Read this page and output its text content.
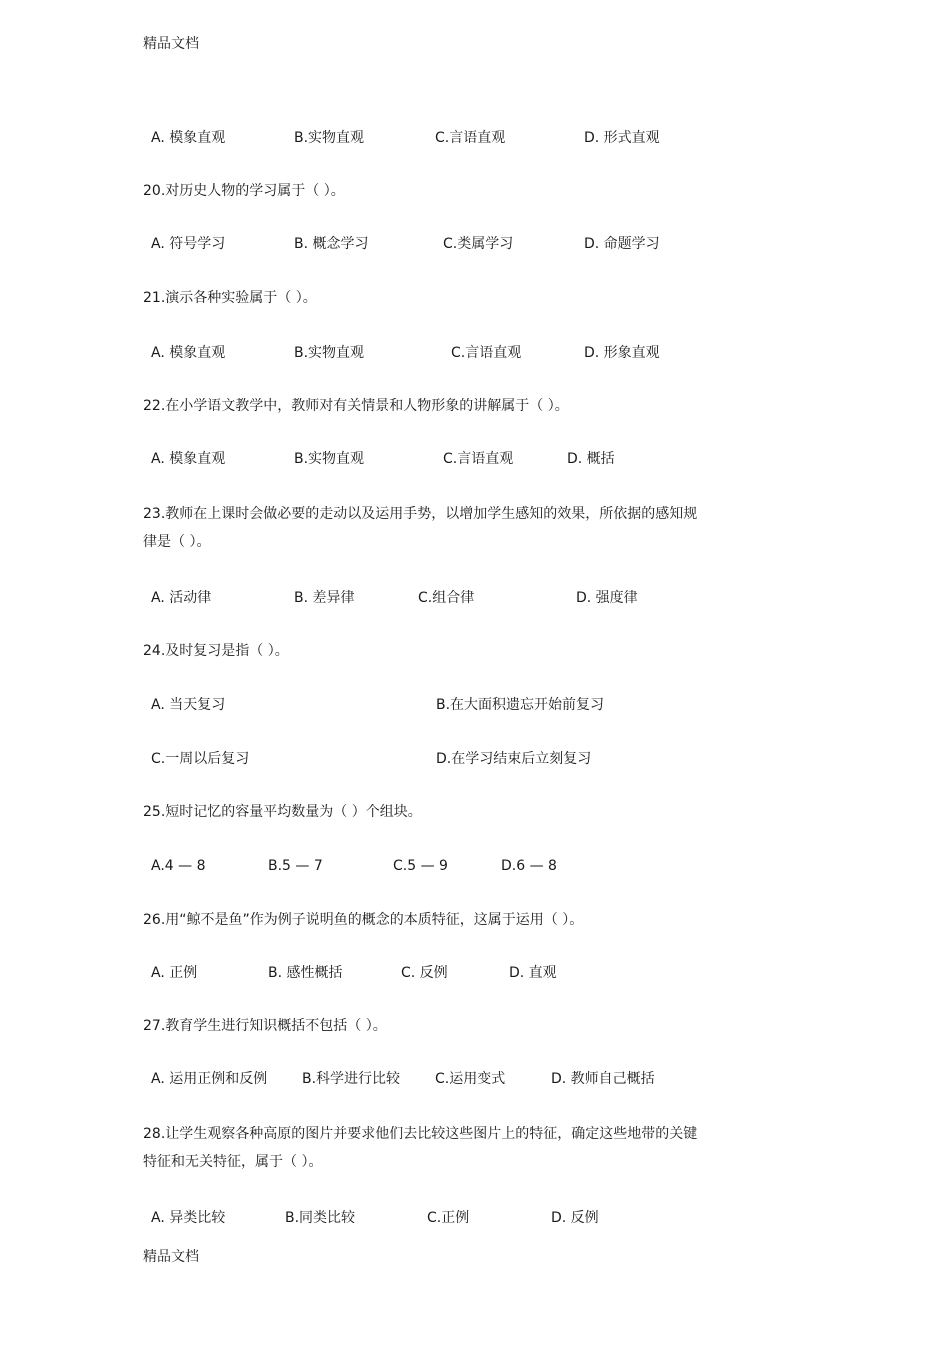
精品文档
A. 模象直观	B.实物直观	C.言语直观	D. 形式直观
20.对历史人物的学习属于（ ）。
A. 符号学习	B. 概念学习	C.类属学习	D. 命题学习
21.演示各种实验属于（ ）。
A. 模象直观	B.实物直观	C.言语直观	D. 形象直观
22.在小学语文教学中，教师对有关情景和人物形象的讲解属于（ ）。
A. 模象直观	B.实物直观	C.言语直观	D. 概括
23.教师在上课时会做必要的走动以及运用手势，以增加学生感知的效果，所依据的感知规
律是（ ）。
A. 活动律	B. 差异律	C.组合律	D. 强度律
24.及时复习是指（ ）。
A. 当天复习	B.在大面积遗忘开始前复习
C.一周以后复习	D.在学习结束后立刻复习
25.短时记忆的容量平均数量为（ ）个组块。
A.4 — 8	B.5 — 7	C.5 — 9	D.6 — 8
26.用“鲸不是鱼”作为例子说明鱼的概念的本质特征，这属于运用（ ）。
A. 正例	B. 感性概括	C. 反例	D. 直观
27.教育学生进行知识概括不包括（ ）。
A. 运用正例和反例 B.科学进行比较 C.运用变式	D. 教师自己概括
28.让学生观察各种高原的图片并要求他们去比较这些图片上的特征，确定这些地带的关键
特征和无关特征，属于（ ）。
A. 异类比较	B.同类比较	C.正例	D. 反例
精品文档
